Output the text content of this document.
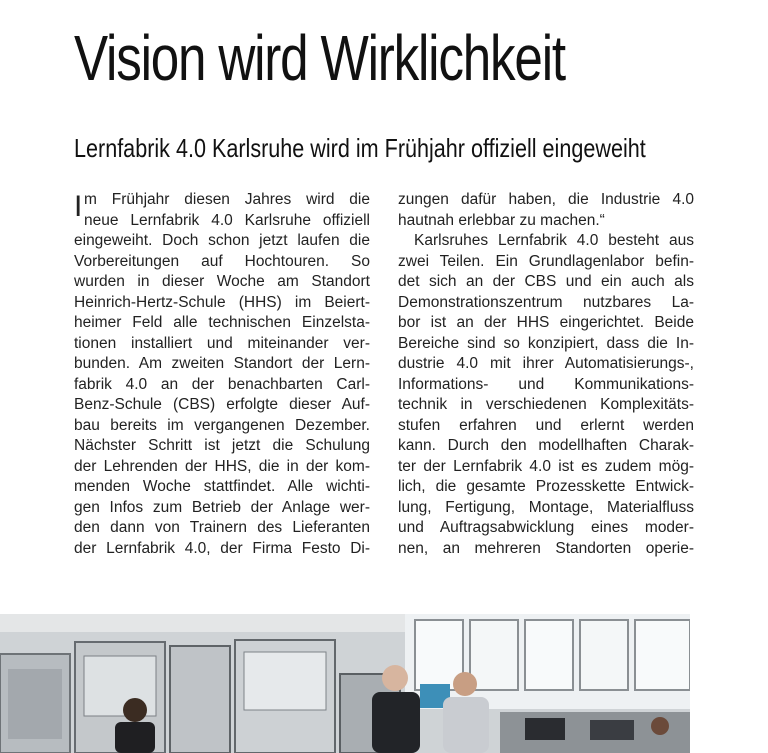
Vision wird Wirklichkeit
Lernfabrik 4.0 Karlsruhe wird im Frühjahr offiziell eingeweiht
I m Frühjahr diesen Jahres wird die
neue Lernfabrik 4.0 Karlsruhe offiziell
eingeweiht. Doch schon jetzt laufen die
Vorbereitungen auf Hochtouren. So
wurden in dieser Woche am Standort
Heinrich-Hertz-Schule (HHS) im Beiert-
heimer Feld alle technischen Einzelsta-
tionen installiert und miteinander ver-
bunden. Am zweiten Standort der Lern-
fabrik 4.0 an der benachbarten Carl-
Benz-Schule (CBS) erfolgte dieser Auf-
bau bereits im vergangenen Dezember.
Nächster Schritt ist jetzt die Schulung
der Lehrenden der HHS, die in der kom-
menden Woche stattfindet. Alle wichti-
gen Infos zum Betrieb der Anlage wer-
den dann von Trainern des Lieferanten
der Lernfabrik 4.0, der Firma Festo Di-
zungen dafür haben, die Industrie 4.0
hautnah erlebbar zu machen.“
Karlsruhes Lernfabrik 4.0 besteht aus
zwei Teilen. Ein Grundlagenlabor befin-
det sich an der CBS und ein auch als
Demonstrationszentrum nutzbares La-
bor ist an der HHS eingerichtet. Beide
Bereiche sind so konzipiert, dass die In-
dustrie 4.0 mit ihrer Automatisierungs-,
Informations- und Kommunikations-
technik in verschiedenen Komplexitäts-
stufen erfahren und erlernt werden
kann. Durch den modellhaften Charak-
ter der Lernfabrik 4.0 ist es zudem mög-
lich, die gesamte Prozesskette Entwick-
lung, Fertigung, Montage, Materialfluss
und Auftragsabwicklung eines moder-
nen, an mehreren Standorten operie-
